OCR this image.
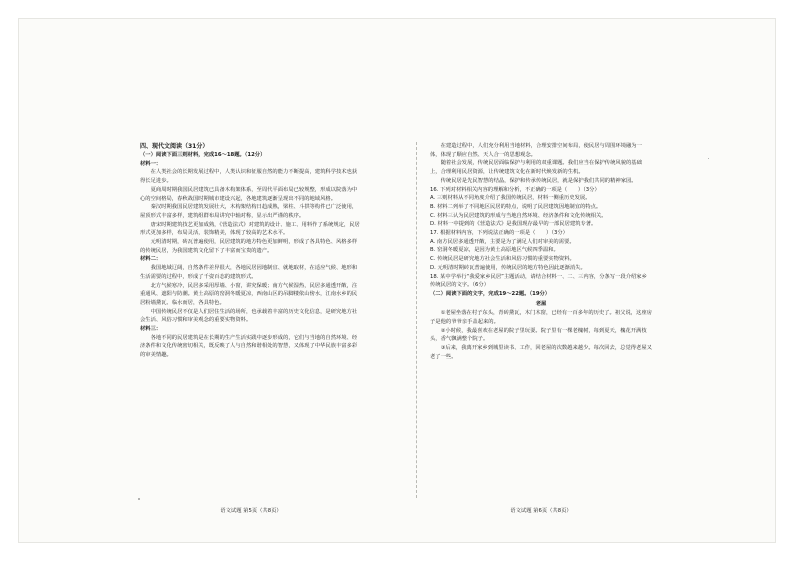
四、现代文阅读（31分）
（一）阅读下面三则材料，完成16～18题。（12分）
材料一：

在人类社会的长期发展过程中，人类认识和征服自然的能力不断提高，建筑科学技术也获得长足进步。

夏商周时期我国民居建筑已具备木构架体系，至周代平面布局已较规整，形成以院落为中心的空间格局，春秋战国时期城市建设兴起，各地建筑逐渐呈现出不同的地域风格。

秦汉时期我国民居建筑发展壮大，木构架结构日趋成熟，梁柱、斗拱等构件已广泛使用，屋顶形式丰富多样，建筑组群布局讲究中轴对称，显示出严谨的秩序。

唐宋时期建筑技艺更加成熟，《营造法式》对建筑的设计、施工、用料作了系统规定，民居形式更加多样，布局灵活，装饰精美，体现了较高的艺术水平。

元明清时期，砖瓦普遍使用，民居建筑的地方特色更加鲜明，形成了各具特色、风格多样的传统民居，为我国建筑文化留下了丰富而宝贵的遗产。

材料二：

我国地域辽阔，自然条件差异很大，各地民居因地制宜、就地取材，在适应气候、地形和生活需要的过程中，形成了千姿百态的建筑形式。

北方气候寒冷，民居多采用厚墙、小窗，讲究保暖；南方气候湿热，民居多通透开敞，注重通风、遮阳与防潮。黄土高原的窑洞冬暖夏凉，西南山区的吊脚楼依山傍水，江南水乡的民居粉墙黛瓦、临水而居，各具特色。

中国传统民居不仅是人们居住生活的场所，也承载着丰富的历史文化信息，是研究地方社会生活、风俗习惯和审美观念的重要实物资料。

材料三：

各地不同的民居建筑是在长期的生产生活实践中逐步形成的，它们与当地的自然环境、经济条件和文化传统密切相关，既反映了人与自然和谐相处的智慧，又体现了中华民族丰富多彩的审美情趣。

语文试题 第5页（共8页）

在建造过程中，人们充分利用当地材料，合理安排空间布局，使民居与周围环境融为一体，体现了顺应自然、天人合一的思想观念。

随着社会发展，传统民居面临保护与利用的双重课题。我们应当在保护传统风貌的基础上，合理利用民居资源，让传统建筑文化在新时代焕发新的生机。

传统民居是先民智慧的结晶，保护和传承传统民居，就是保护我们共同的精神家园。

16. 下列对材料相关内容的理解和分析，不正确的一项是（　　）（3分）

A. 三则材料从不同角度介绍了我国传统民居，材料一侧重历史发展。

B. 材料二列举了不同地区民居的特点，说明了民居建筑因地制宜的特点。

C. 材料三认为民居建筑的形成与当地自然环境、经济条件和文化传统相关。

D. 材料一中提到的《营造法式》是我国现存最早的一部民居建筑专著。

17. 根据材料内容，下列说法正确的一项是（　　）（3分）

A. 南方民居多通透开敞，主要是为了满足人们对审美的需要。

B. 窑洞冬暖夏凉，是因为黄土高原地区气候四季温和。

C. 传统民居是研究地方社会生活和风俗习惯的重要实物资料。

D. 元明清时期砖瓦普遍使用，传统民居的地方特色因此逐渐消失。

18. 某中学举行“我爱家乡民居”主题活动，请结合材料一、二、三内容，分条写一段介绍家乡传统民居的文字。（6分）

（二）阅读下面的文字，完成19～22题。（19分）
老屋

①老屋坐落在村子东头，青砖黛瓦，木门木窗，已经有一百多年的历史了。祖父说，这座房子是他的爷爷亲手盖起来的。

②小时候，我最喜欢在老屋的院子里玩耍。院子里有一棵老槐树，每到夏天，槐花开满枝头，香气飘满整个院子。

③后来，我离开家乡到城里读书、工作，回老屋的次数越来越少。每次回去，总觉得老屋又老了一些。

语文试题 第6页（共8页）
